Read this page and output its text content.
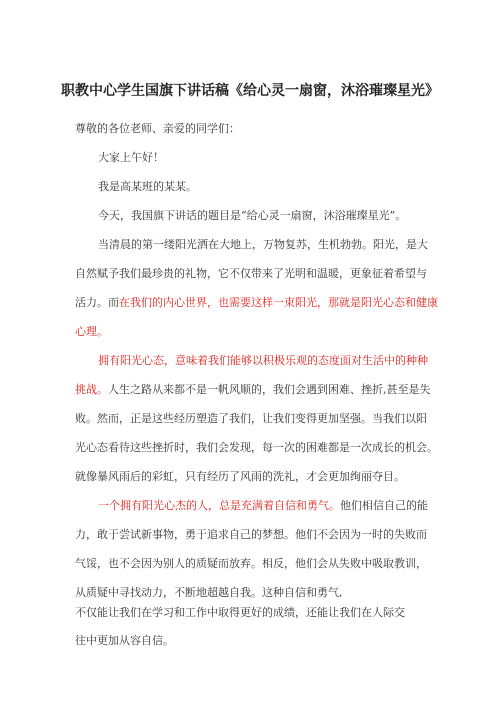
职教中心学生国旗下讲话稿《给心灵一扇窗，沐浴璀璨星光》

尊敬的各位老师、亲爱的同学们：

大家上午好！

我是高某班的某某。

今天，我国旗下讲话的题目是“给心灵一扇窗，沐浴璀璨星光”。

当清晨的第一缕阳光洒在大地上，万物复苏，生机勃勃。阳光，是大

自然赋予我们最珍贵的礼物，它不仅带来了光明和温暖，更象征着希望与

活力。而在我们的内心世界，也需要这样一束阳光，那就是阳光心态和健康

心理。

拥有阳光心态，意味着我们能够以积极乐观的态度面对生活中的种种

挑战。人生之路从来都不是一帆风顺的，我们会遇到困难、挫折,甚至是失

败。然而，正是这些经历塑造了我们，让我们变得更加坚强。当我们以阳

光心态看待这些挫折时，我们会发现，每一次的困难都是一次成长的机会。

就像暴风雨后的彩虹，只有经历了风雨的洗礼，才会更加绚丽夺目。

一个拥有阳光心杰的人，总是充满着自信和勇气。他们相信自己的能

力，敢于尝试新事物，勇于追求自己的梦想。他们不会因为一时的失败而

气馁，也不会因为别人的质疑而放弃。相反，他们会从失败中吸取教训，

从质疑中寻找动力，不断地超越自我。这种自信和勇气,

不仅能让我们在学习和工作中取得更好的成绩，还能让我们在人际交

往中更加从容自信。
